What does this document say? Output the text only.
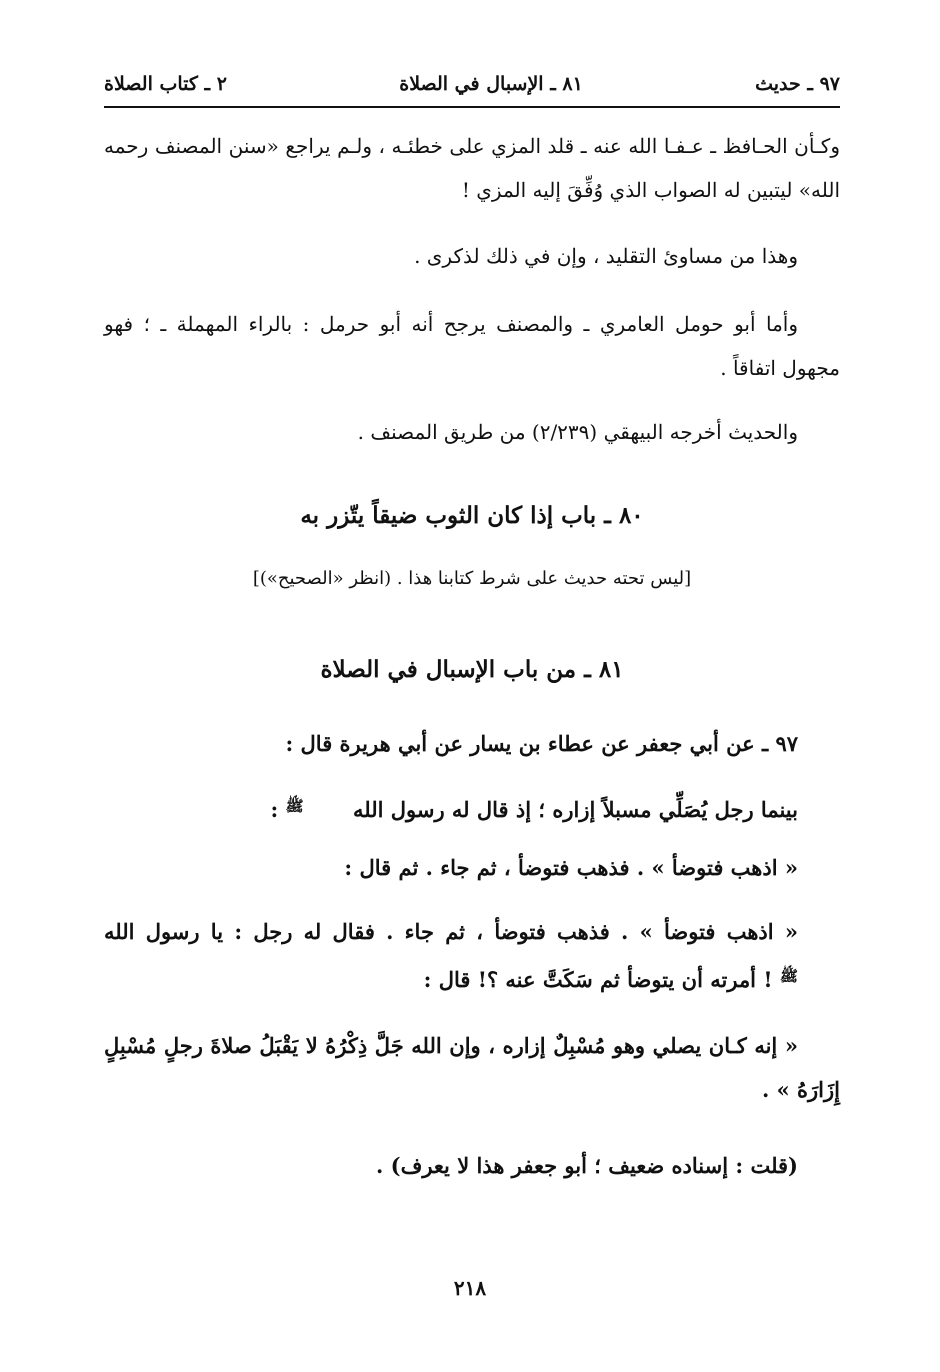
٢ ـ كتاب الصلاة	٨١ ـ الإسبال في الصلاة	٩٧ ـ حديث
وكـأن الحـافظ ـ عـفـا الله عنه ـ قلد المزي على خطئـه ، ولـم يراجع «سنن المصنف رحمه الله» ليتبين له الصواب الذي وُفِّقَ إليه المزي !
وهذا من مساوئ التقليد ، وإن في ذلك لذكرى .
وأما أبو حومل العامري ـ والمصنف يرجح أنه أبو حرمل : بالراء المهملة ـ ؛ فهو مجهول اتفاقاً .
والحديث أخرجه البيهقي (٢/٢٣٩) من طريق المصنف .
٨٠ ـ باب إذا كان الثوب ضيقاً يتّزر به
[ليس تحته حديث على شرط كتابنا هذا . (انظر «الصحيح»)]
٨١ ـ من باب الإسبال في الصلاة
٩٧ ـ عن أبي جعفر عن عطاء بن يسار عن أبي هريرة قال :
بينما رجل يُصَلِّي مسبلاً إزاره ؛ إذ قال له رسول الله ﷺ :
« اذهب فتوضأ » . فذهب فتوضأ ، ثم جاء . ثم قال :
« اذهب فتوضأ » . فذهب فتوضأ ، ثم جاء . فقال له رجل : يا رسول الله ﷺ ! أمرته أن يتوضأ ثم سَكَتَّ عنه ؟! قال :
« إنه كـان يصلي وهو مُسْبِلٌ إزاره ، وإن الله جَلَّ ذِكْرُهُ لا يَقْبَلُ صلاةَ رجلٍ مُسْبِلٍ إِزَارَهُ » .
(قلت : إسناده ضعيف ؛ أبو جعفر هذا لا يعرف) .
٢١٨
